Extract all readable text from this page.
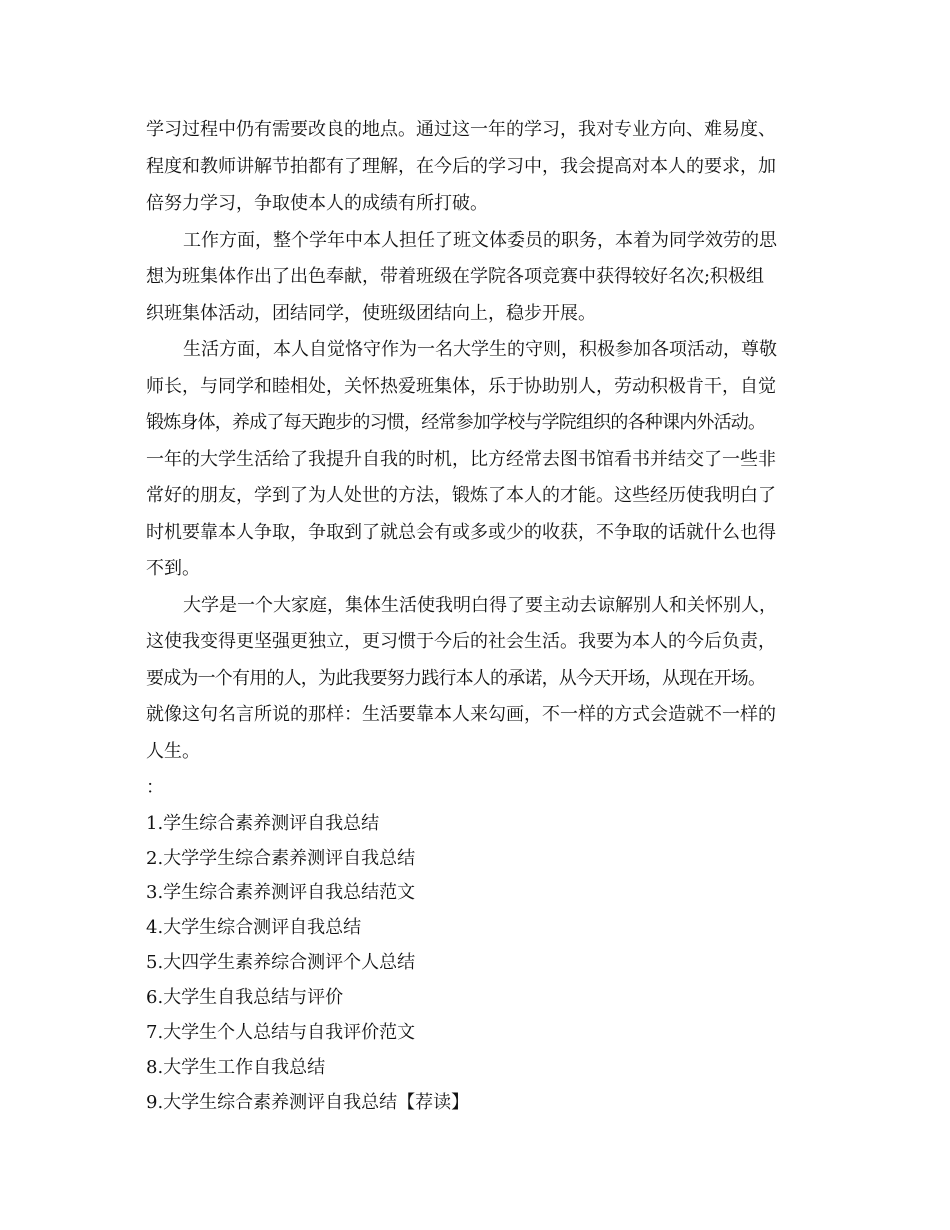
学习过程中仍有需要改良的地点。通过这一年的学习，我对专业方向、难易度、
程度和教师讲解节拍都有了理解，在今后的学习中，我会提高对本人的要求，加
倍努力学习，争取使本人的成绩有所打破。
工作方面，整个学年中本人担任了班文体委员的职务，本着为同学效劳的思
想为班集体作出了出色奉献，带着班级在学院各项竞赛中获得较好名次;积极组
织班集体活动，团结同学，使班级团结向上，稳步开展。
生活方面，本人自觉恪守作为一名大学生的守则，积极参加各项活动，尊敬
师长，与同学和睦相处，关怀热爱班集体，乐于协助别人，劳动积极肯干，自觉
锻炼身体，养成了每天跑步的习惯，经常参加学校与学院组织的各种课内外活动。
一年的大学生活给了我提升自我的时机，比方经常去图书馆看书并结交了一些非
常好的朋友，学到了为人处世的方法，锻炼了本人的才能。这些经历使我明白了
时机要靠本人争取，争取到了就总会有或多或少的收获，不争取的话就什么也得
不到。
大学是一个大家庭，集体生活使我明白得了要主动去谅解别人和关怀别人，
这使我变得更坚强更独立，更习惯于今后的社会生活。我要为本人的今后负责，
要成为一个有用的人，为此我要努力践行本人的承诺，从今天开场，从现在开场。
就像这句名言所说的那样：生活要靠本人来勾画，不一样的方式会造就不一样的
人生。
：
1.学生综合素养测评自我总结
2.大学学生综合素养测评自我总结
3.学生综合素养测评自我总结范文
4.大学生综合测评自我总结
5.大四学生素养综合测评个人总结
6.大学生自我总结与评价
7.大学生个人总结与自我评价范文
8.大学生工作自我总结
9.大学生综合素养测评自我总结【荐读】
